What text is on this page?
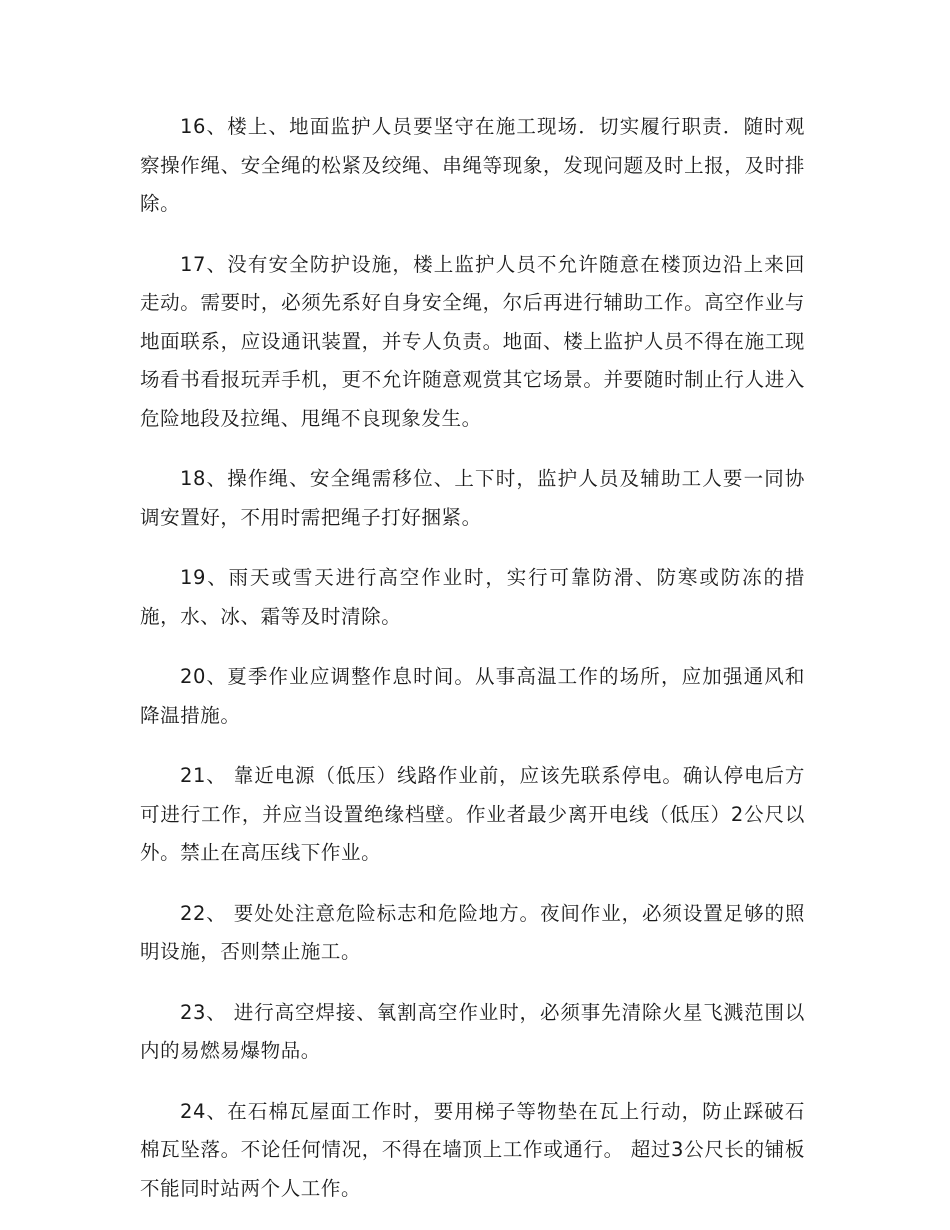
16、楼上、地面监护人员要坚守在施工现场．切实履行职责．随时观察操作绳、安全绳的松紧及绞绳、串绳等现象，发现问题及时上报，及时排除。

17、没有安全防护设施，楼上监护人员不允许随意在楼顶边沿上来回走动。需要时，必须先系好自身安全绳，尔后再进行辅助工作。高空作业与地面联系，应设通讯装置，并专人负责。地面、楼上监护人员不得在施工现场看书看报玩弄手机，更不允许随意观赏其它场景。并要随时制止行人进入危险地段及拉绳、甩绳不良现象发生。

18、操作绳、安全绳需移位、上下时，监护人员及辅助工人要一同协调安置好，不用时需把绳子打好捆紧。

19、雨天或雪天进行高空作业时，实行可靠防滑、防寒或防冻的措施，水、冰、霜等及时清除。

20、夏季作业应调整作息时间。从事高温工作的场所，应加强通风和降温措施。

21、 靠近电源（低压）线路作业前，应该先联系停电。确认停电后方可进行工作，并应当设置绝缘档壁。作业者最少离开电线（低压）2公尺以外。禁止在高压线下作业。

22、 要处处注意危险标志和危险地方。夜间作业，必须设置足够的照明设施，否则禁止施工。

23、 进行高空焊接、氧割高空作业时，必须事先清除火星飞溅范围以内的易燃易爆物品。

24、在石棉瓦屋面工作时，要用梯子等物垫在瓦上行动，防止踩破石棉瓦坠落。不论任何情况，不得在墙顶上工作或通行。 超过3公尺长的铺板不能同时站两个人工作。
